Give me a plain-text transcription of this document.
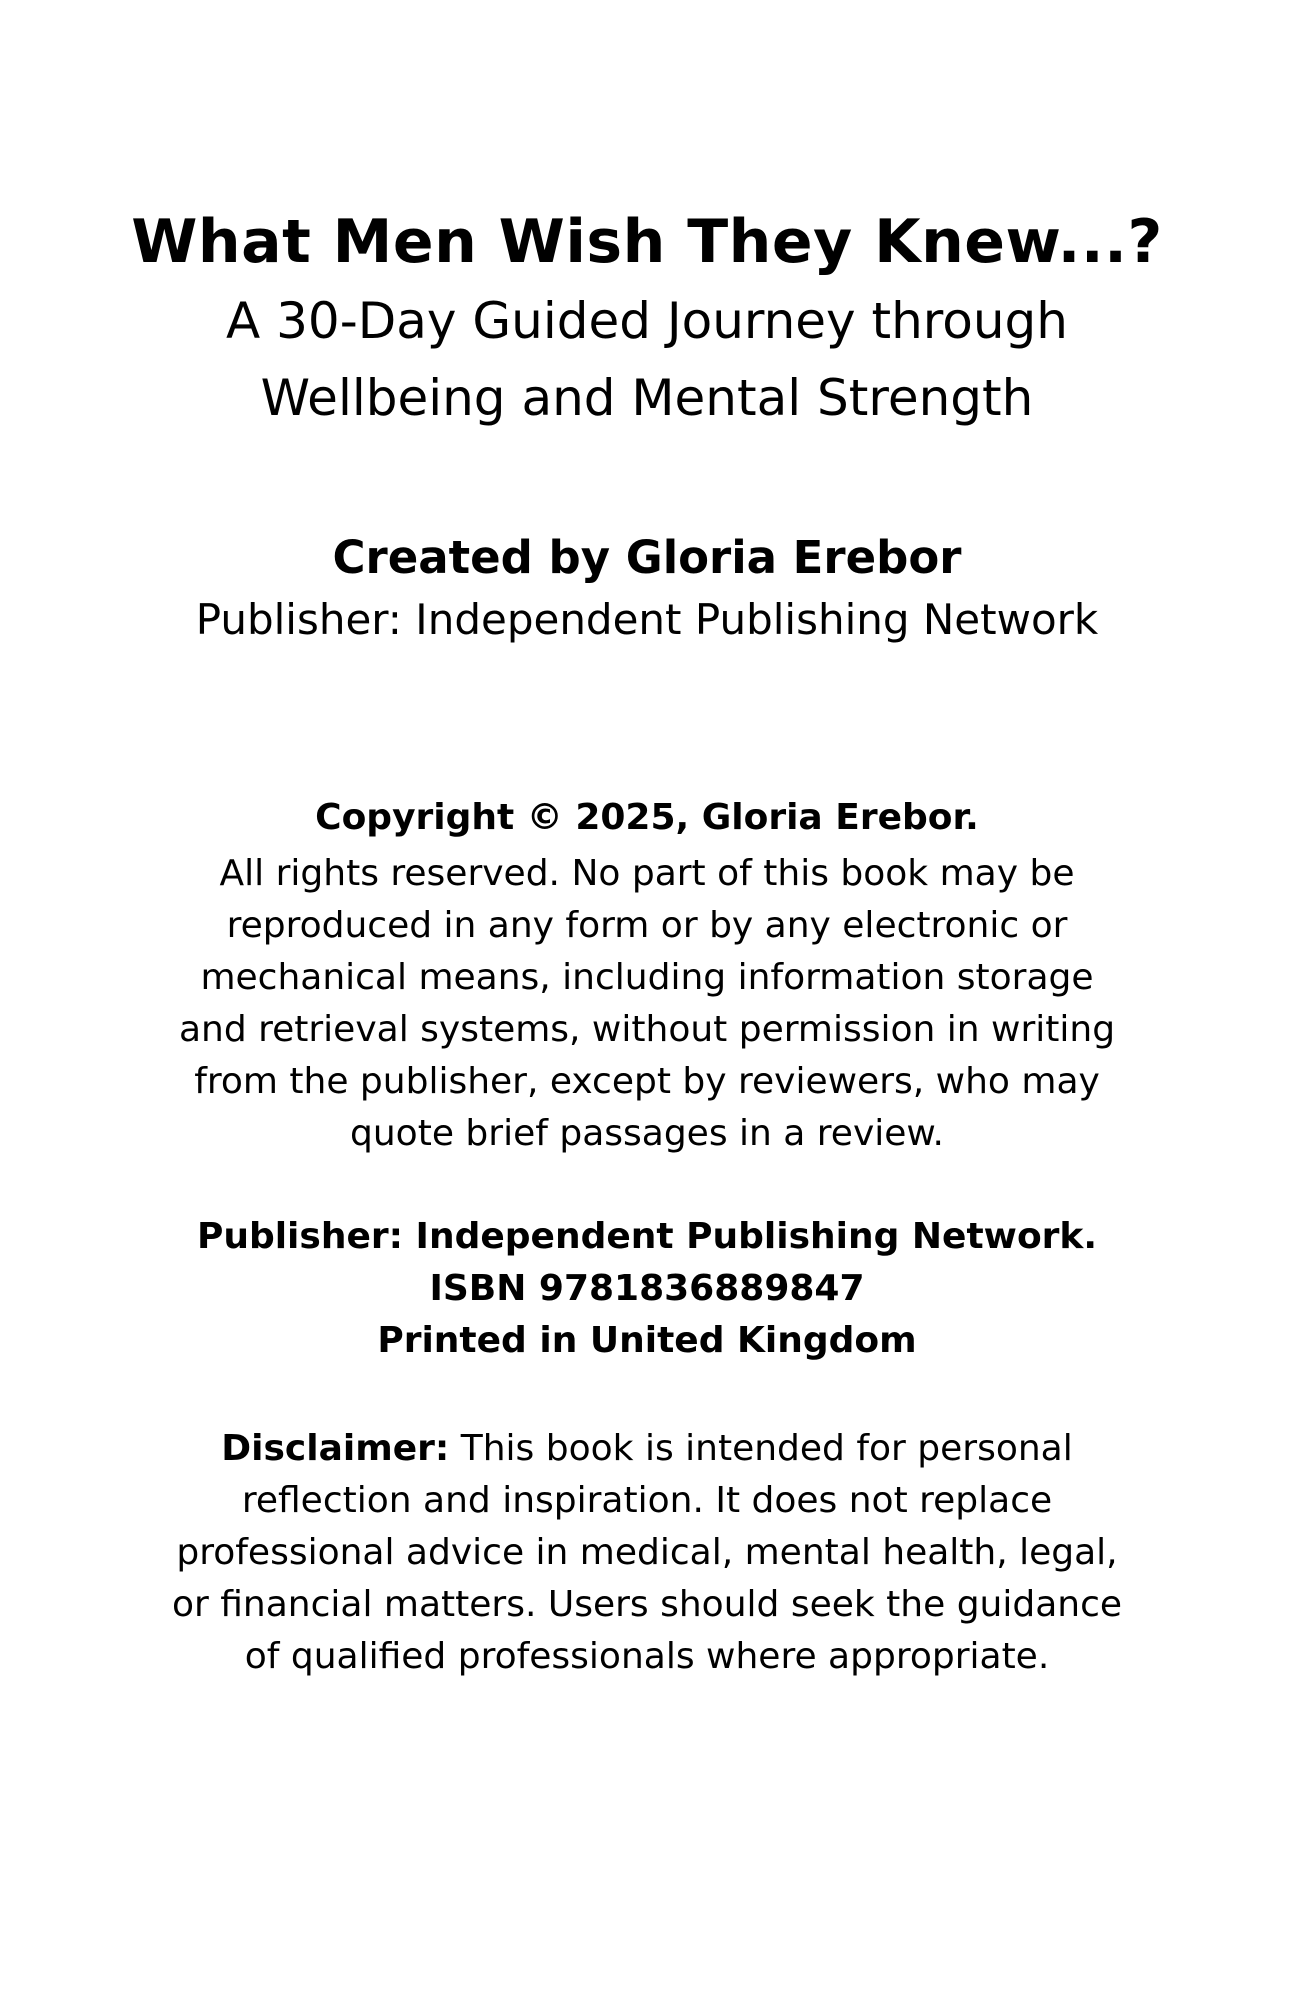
What Men Wish They Knew...?
A 30-Day Guided Journey through
Wellbeing and Mental Strength
Created by Gloria Erebor
Publisher: Independent Publishing Network
Copyright © 2025, Gloria Erebor.
All rights reserved. No part of this book may be
reproduced in any form or by any electronic or
mechanical means, including information storage
and retrieval systems, without permission in writing
from the publisher, except by reviewers, who may
quote brief passages in a review.
Publisher: Independent Publishing Network.
ISBN 9781836889847
Printed in United Kingdom
Disclaimer: This book is intended for personal
reflection and inspiration. It does not replace
professional advice in medical, mental health, legal,
or financial matters. Users should seek the guidance
of qualified professionals where appropriate.
